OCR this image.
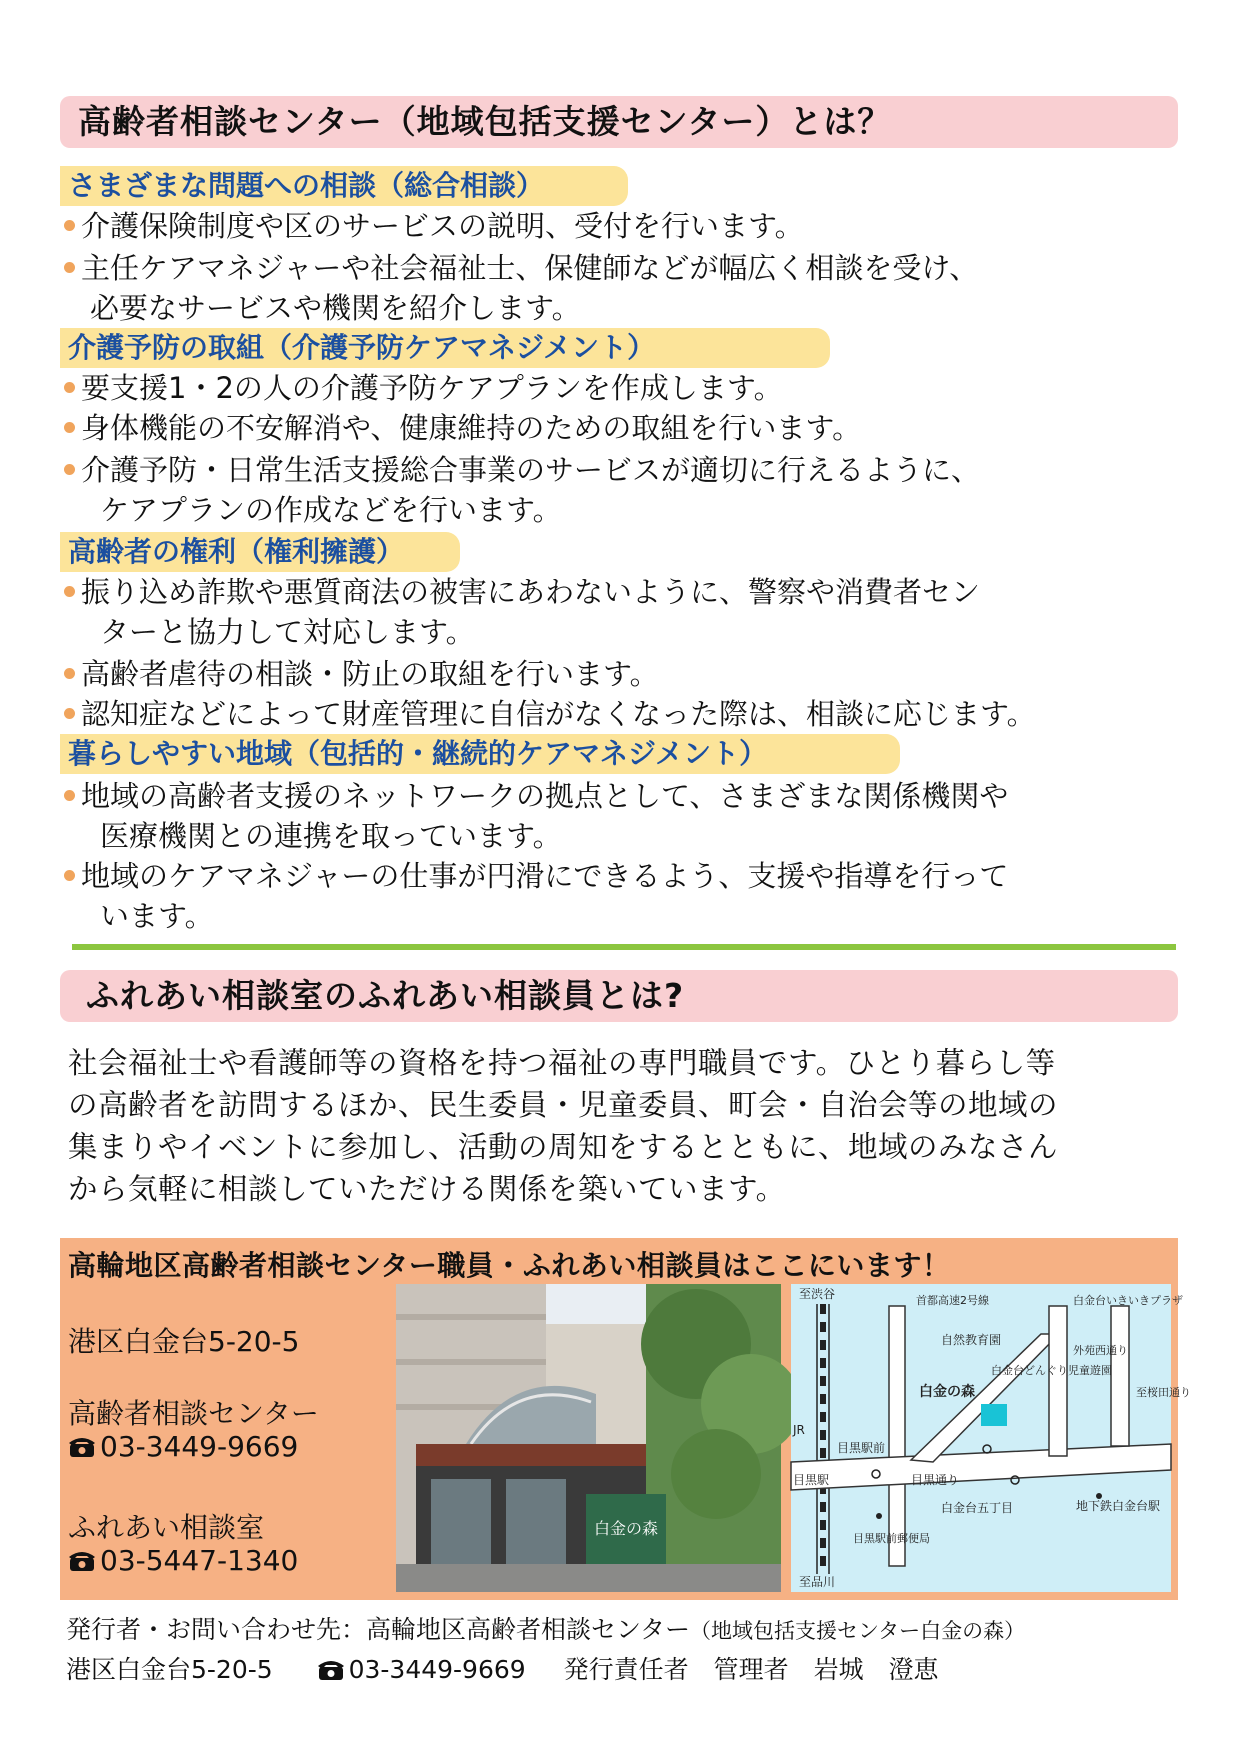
高齢者相談センター（地域包括支援センター）とは？
さまざまな問題への相談（総合相談）
介護保険制度や区のサービスの説明、受付を行います。
主任ケアマネジャーや社会福祉士、保健師などが幅広く相談を受け、
必要なサービスや機関を紹介します。
介護予防の取組（介護予防ケアマネジメント）
要支援1・2の人の介護予防ケアプランを作成します。
身体機能の不安解消や、健康維持のための取組を行います。
介護予防・日常生活支援総合事業のサービスが適切に行えるように、
ケアプランの作成などを行います。
高齢者の権利（権利擁護）
振り込め詐欺や悪質商法の被害にあわないように、警察や消費者セン
ターと協力して対応します。
高齢者虐待の相談・防止の取組を行います。
認知症などによって財産管理に自信がなくなった際は、相談に応じます。
暮らしやすい地域（包括的・継続的ケアマネジメント）
地域の高齢者支援のネットワークの拠点として、さまざまな関係機関や
医療機関との連携を取っています。
地域のケアマネジャーの仕事が円滑にできるよう、支援や指導を行って
います。
ふれあい相談室のふれあい相談員とは?
社会福祉士や看護師等の資格を持つ福祉の専門職員です。ひとり暮らし等
の高齢者を訪問するほか、民生委員・児童委員、町会・自治会等の地域の
集まりやイベントに参加し、活動の周知をするとともに、地域のみなさん
から気軽に相談していただける関係を築いています。
高輪地区高齢者相談センター職員・ふれあい相談員はここにいます！
港区白金台5-20-5
高齢者相談センター
03-3449-9669
ふれあい相談室
03-5447-1340
白金の森
至渋谷
至品川
自然教育園
白金の森
目黒通り
白金台五丁目	地下鉄白金台駅
目黒駅前郵便局
目黒駅前
JR
目黒駅
至桜田通り
首都高速2号線
外苑西通り
白金台いきいきプラザ
白金台どんぐり児童遊園
発行者・お問い合わせ先：高輪地区高齢者相談センター（地域包括支援センター白金の森）
港区白金台5-20-5	03-3449-9669 発行責任者　管理者　岩城　澄恵
